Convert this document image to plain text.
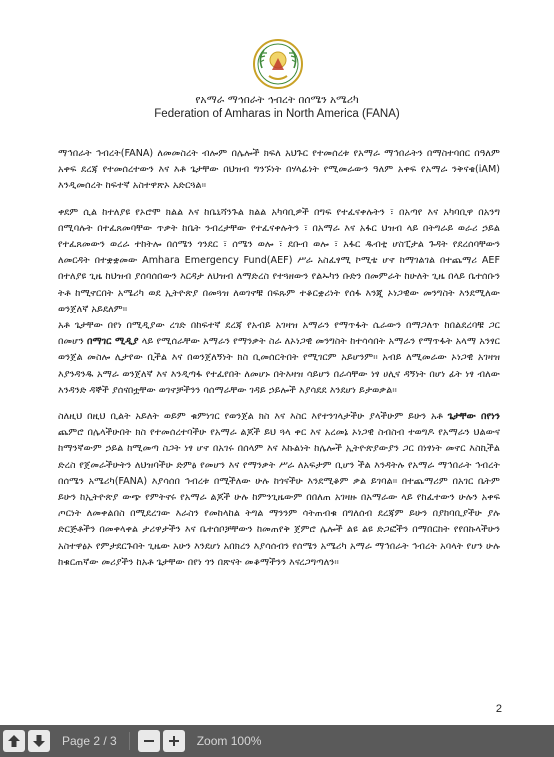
የአማራ ማኅበራት ኅብረት በሰሜን አሜሪካ
Federation of Amharas in North America (FANA)

ማኅበራት ኅብረት(FANA) ለመመስረት ብሎም በሌሎች ክፍለ አህጉር የተመሰረቱ የአማራ ማኅበራትን በማስተባበር በዓለም አቀፍ ደረጃ የተመሰረተውን እና እቶ ጌታቸው በህዝብ ግንኙነት በሃላፊነት የሚመራውን ዓለም አቀፍ የአማራ ንቅናቄ(iAM) እንዲመሰረት ከፍተኛ አስተዋጽኦ አድርጓል።

ቀደም ሲል ከተለያዩ የኦሮሞ ክልል እና ከቤኒሻንጉል ክልል አካባቢዎች በግፍ የተፈናቀሉትን ፣ በአጣየ እና አካባቢዋ በአንግ በሚባሉት በተፈጸመባቸው ጥቃት ከቤት ንብረታቸው የተፈናቀሉትን ፣ በአማራ እና አፋር ህዝብ ላይ በትግራይ ወራሪ ኃይል የተፈጸመውን ወረራ ተከትሎ በሰሜን ጎንደር ፣ ሰሜን ወሎ ፣ ደቡብ ወሎ ፣ አፋር ዱብቲ ሆስፒታል ጉዳት የደረሰባቸውን ለመርዳት በተቋቋመው Amhara Emergency Fund(AEF) ሥራ አስፈፃሚ ኮሚቴ ሆኖ ከማገልገል በተጨማሪ AEF በተለያዩ ጊዜ ከህዝብ ያሰባሰበውን እርዳታ ለህዝብ ለማድረስ የተጓዘውን የልኡካን ቡድን በመምራት ከሁለት ጊዜ በላይ ቤተሰቡን ትቶ ከሚኖርበት አሜሪካ ወደ ኢትዮጵያ በመጓዝ ለወገኖቹ በፍጹም ተቆርቋሪነት የሰፋ እንጂ ኦነጋዊው መንግስት እንደሚለው ወንጀለኛ አይደለም።

አቶ ጌታቸው በየነ በሚዲያው ረገድ በከፍተኛ ደረጃ የአብይ አገዛዝ አማራን የማጥፋት ሴራውን በማጋለጥ ከበልደረባቹ ጋር በመሆን በማገር ሚዲያ ላይ የሚሰራቸው አማራን የማንቃት ስራ ለኦነጋዊ መንግስት ከተሳሳበት አማራን የማጥፋት አላማ አንፃር ወንጀል መስሎ ሊታየው ቢችል እና በወንጀለኝነት ክስ ቢመሰርትበት የሚገርም አይሆንም። አብይ ለሚመራው ኦነጋዊ አገዛዝ እያንዳንዱ አማራ ወንጀለኛ እና እንዲጣፋ የተፈየበት ለመሆኑ በትእዛዝ ሳይሆን በራሳቸው ነፃ ሀሊና ዳኝነት በሆነ ፊት ነፃ ብለው እንዳንድ ዳኞች ያሰናበቷቸው ወገኖቻችንን ባሰማራቸው ገዳይ ኃይሎች እያሳደደ እንደሆነ ይታወቃል።

ስለዚህ በዚህ ቢልት አይለት ወይም ቁምነገር የወንጀል ክስ እና እስር እየተንገላታችሁ ያላችሁም ይሁን አቶ ጌታቸው በየነን ጨምሮ በሌላችሁበት ክስ የተመሰረተባችሁ የአማራ ልጆች ይህ ጓላ ቀር እና አረመኔ ኦነጋዊ ስብስብ ተወግዶ የአማራን ህልውና ከማንኛውም ኃይል ከሚመጣ ስጋት ነፃ ሆኖ በአገሩ በሰላም እና እኩልነት ከሌሎች ኢትዮጵያውያን ጋር በነፃነት መኖር እስኪችል ድረስ የጀመራችሁትን ለህዝባችሁ ድምፅ የመሆን እና የማንቃት ሥራ ለአፍታም ቢሆን ችል እንዳትሉ የአማራ ማኅበራት ኅብረት በሰሜን አሜሪካ(FANA) እያሳሰበ ኅብረቱ በሚችለው ሁሉ ከጎናችሁ እንደሚቆም ቃል ይገባል። በተጨማሪም በአገር ቤትም ይሁን ከኢትዮጵያ ውጭ የምትኖሩ የአማራ ልጆች ሁሉ ከምንጊዜውም በበለጠ አገዛዙ በአማራው ላይ የከፈተውን ሁሉን አቀፍ ጦርነት ለመቀልበስ በሚደረገው እራስን የመከላከል ትግል ማንንም ሳትጠብቁ በግለሰብ ደረጃም ይሁን በያከባቢያችሁ ያሉ ድርጅቶችን በመቀላቀል ታሪዋታችን እና ቤተሰቦቻቸውን ከመጠየቅ ጀምሮ ሌሎች ልዩ ልዩ ድጋፎችን በማበርከት የየበኩላችሁን አስተዋፅኦ የምታደርጉበት ጊዜው አሁን እንደሆነ አበክረን እያሳሰብን የሰሜን አሜሪካ አማራ ማኅበራት ኅብረት አባላት የሆን ሁሉ ከቁርጠኛው መሪያችን ከአቶ ጌታቸው በየነ ጎን በጽናት መቆማችንን እናረጋግጣለን።

2
Page 2 / 3	Zoom 100%
